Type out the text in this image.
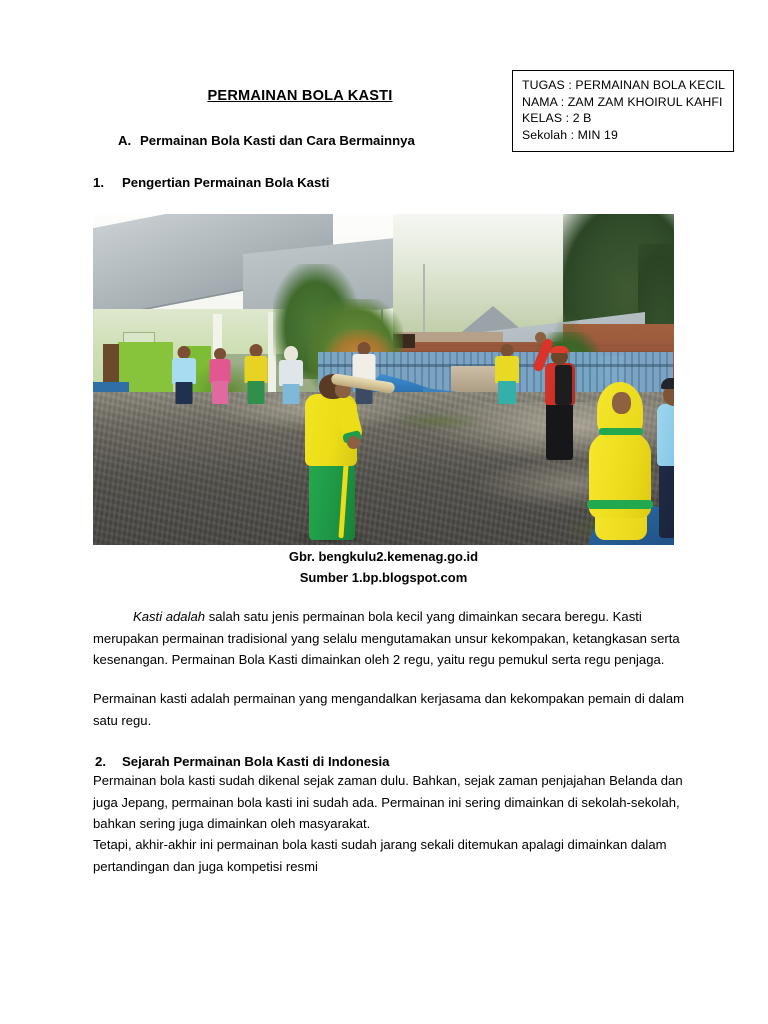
TUGAS : PERMAINAN BOLA KECIL
NAMA : ZAM ZAM KHOIRUL KAHFI
KELAS : 2 B
Sekolah : MIN 19
PERMAINAN BOLA KASTI
A. Permainan Bola Kasti dan Cara Bermainnya
1. Pengertian Permainan Bola Kasti
Gbr. bengkulu2.kemenag.go.id
Sumber 1.bp.blogspot.com
Kasti adalah salah satu jenis permainan bola kecil yang dimainkan secara beregu. Kasti merupakan permainan tradisional yang selalu mengutamakan unsur kekompakan, ketangkasan serta kesenangan. Permainan Bola Kasti dimainkan oleh 2 regu, yaitu regu pemukul serta regu penjaga.
Permainan kasti adalah permainan yang mengandalkan kerjasama dan kekompakan pemain di dalam satu regu.
2. Sejarah Permainan Bola Kasti di Indonesia
Permainan bola kasti sudah dikenal sejak zaman dulu. Bahkan, sejak zaman penjajahan Belanda dan juga Jepang, permainan bola kasti ini sudah ada. Permainan ini sering dimainkan di sekolah-sekolah, bahkan sering juga dimainkan oleh masyarakat.
Tetapi, akhir-akhir ini permainan bola kasti sudah jarang sekali ditemukan apalagi dimainkan dalam pertandingan dan juga kompetisi resmi
